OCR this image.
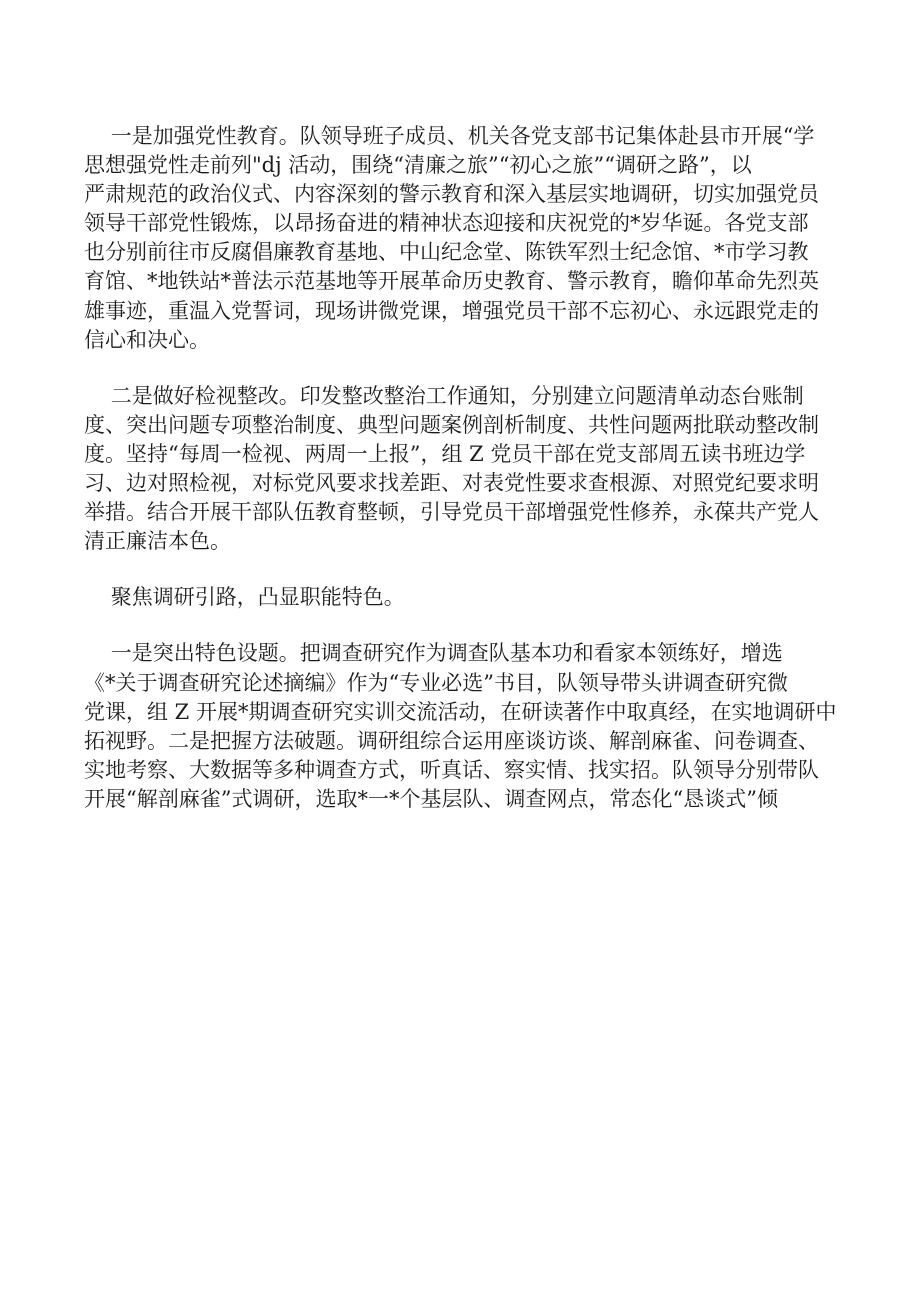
一是加强党性教育。队领导班子成员、机关各党支部书记集体赴县市开展“学
思想强党性走前列"dj 活动，围绕“清廉之旅”“初心之旅”“调研之路”，以
严肃规范的政治仪式、内容深刻的警示教育和深入基层实地调研，切实加强党员
领导干部党性锻炼，以昂扬奋进的精神状态迎接和庆祝党的*岁华诞。各党支部
也分别前往市反腐倡廉教育基地、中山纪念堂、陈铁军烈士纪念馆、*市学习教
育馆、*地铁站*普法示范基地等开展革命历史教育、警示教育，瞻仰革命先烈英
雄事迹，重温入党誓词，现场讲微党课，增强党员干部不忘初心、永远跟党走的
信心和决心。
二是做好检视整改。印发整改整治工作通知，分别建立问题清单动态台账制
度、突出问题专项整治制度、典型问题案例剖析制度、共性问题两批联动整改制
度。坚持“每周一检视、两周一上报”，组 Z 党员干部在党支部周五读书班边学
习、边对照检视，对标党风要求找差距、对表党性要求查根源、对照党纪要求明
举措。结合开展干部队伍教育整顿，引导党员干部增强党性修养，永葆共产党人
清正廉洁本色。
聚焦调研引路，凸显职能特色。
一是突出特色设题。把调查研究作为调查队基本功和看家本领练好，增选
《*关于调查研究论述摘编》作为“专业必选”书目，队领导带头讲调查研究微
党课，组 Z 开展*期调查研究实训交流活动，在研读著作中取真经，在实地调研中
拓视野。二是把握方法破题。调研组综合运用座谈访谈、解剖麻雀、问卷调查、
实地考察、大数据等多种调查方式，听真话、察实情、找实招。队领导分别带队
开展“解剖麻雀”式调研，选取*一*个基层队、调查网点，常态化“恳谈式”倾
